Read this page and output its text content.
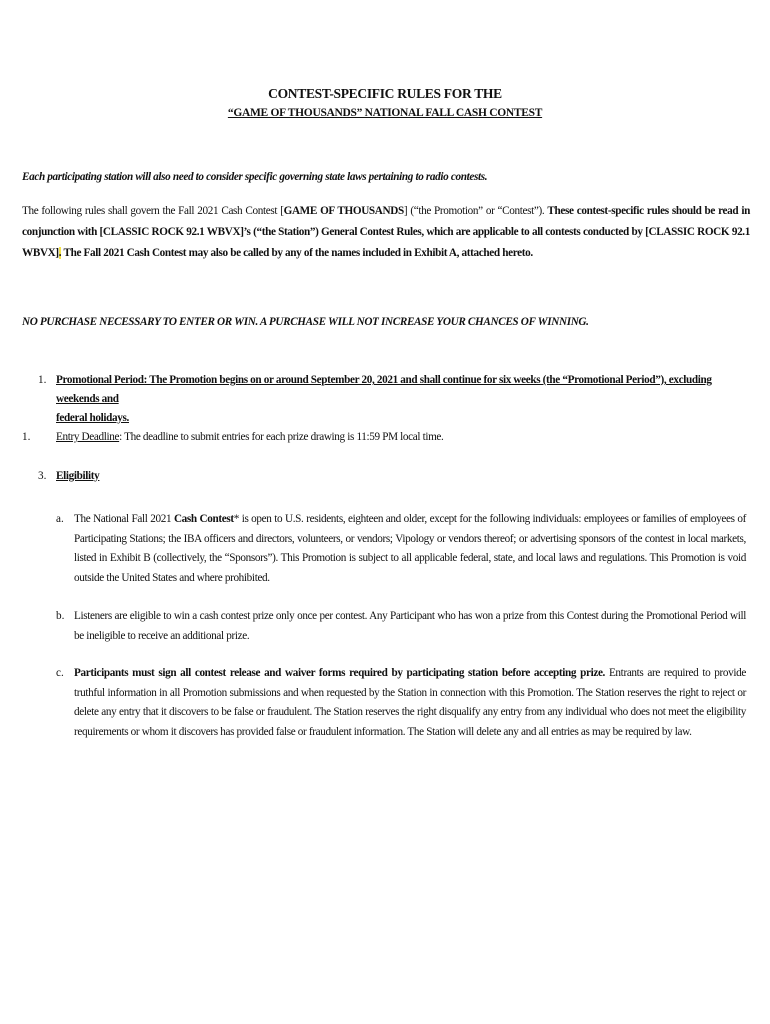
CONTEST-SPECIFIC RULES FOR THE
“GAME OF THOUSANDS” NATIONAL FALL CASH CONTEST
Each participating station will also need to consider specific governing state laws pertaining to radio contests.
The following rules shall govern the Fall 2021 Cash Contest [GAME OF THOUSANDS] (“the Promotion” or “Contest”). These contest-specific rules should be read in conjunction with [CLASSIC ROCK 92.1 WBVX]’s (“the Station”) General Contest Rules, which are applicable to all contests conducted by [CLASSIC ROCK 92.1 WBVX]. The Fall 2021 Cash Contest may also be called by any of the names included in Exhibit A, attached hereto.
NO PURCHASE NECESSARY TO ENTER OR WIN. A PURCHASE WILL NOT INCREASE YOUR CHANCES OF WINNING.
1. Promotional Period: The Promotion begins on or around September 20, 2021 and shall continue for six weeks (the “Promotional Period”), excluding weekends and
federal holidays.
1. Entry Deadline: The deadline to submit entries for each prize drawing is 11:59 PM local time.
3. Eligibility
a. The National Fall 2021 Cash Contest* is open to U.S. residents, eighteen and older, except for the following individuals: employees or families of employees of Participating Stations; the IBA officers and directors, volunteers, or vendors; Vipology or vendors thereof; or advertising sponsors of the contest in local markets, listed in Exhibit B (collectively, the “Sponsors”). This Promotion is subject to all applicable federal, state, and local laws and regulations. This Promotion is void outside the United States and where prohibited.
b. Listeners are eligible to win a cash contest prize only once per contest. Any Participant who has won a prize from this Contest during the Promotional Period will be ineligible to receive an additional prize.
c. Participants must sign all contest release and waiver forms required by participating station before accepting prize. Entrants are required to provide truthful information in all Promotion submissions and when requested by the Station in connection with this Promotion. The Station reserves the right to reject or delete any entry that it discovers to be false or fraudulent. The Station reserves the right disqualify any entry from any individual who does not meet the eligibility requirements or whom it discovers has provided false or fraudulent information. The Station will delete any and all entries as may be required by law.
